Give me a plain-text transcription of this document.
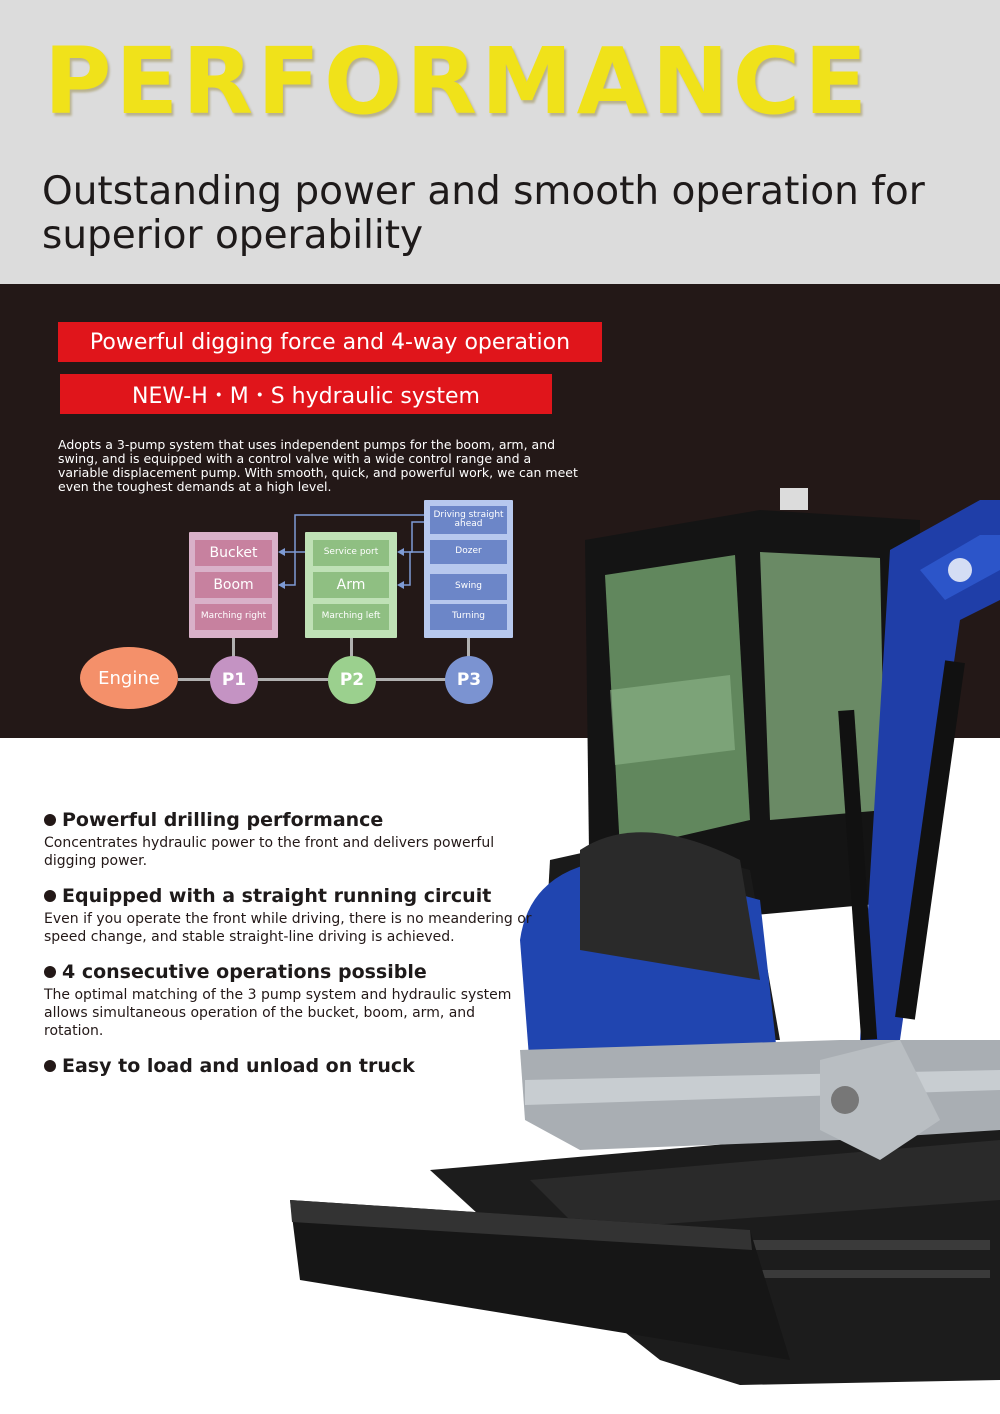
PERFORMANCE

Outstanding power and smooth operation for superior operability

Powerful digging force and 4-way operation
NEW-H・M・S hydraulic system
Adopts a 3-pump system that uses independent pumps for the boom, arm, and swing, and is equipped with a control valve with a wide control range and a variable displacement pump. With smooth, quick, and powerful work, we can meet even the toughest demands at a high level.
Bucket
Boom
Marching right
Service port
Arm
Marching left
Driving straight ahead
Dozer
Swing
Turning
Engine	P1	P2	P3
Powerful drilling performance
Concentrates hydraulic power to the front and delivers powerful digging power.
Equipped with a straight running circuit
Even if you operate the front while driving, there is no meandering or speed change, and stable straight-line driving is achieved.
4 consecutive operations possible
The optimal matching of the 3 pump system and hydraulic system allows simultaneous operation of the bucket, boom, arm, and rotation.
Easy to load and unload on truck
